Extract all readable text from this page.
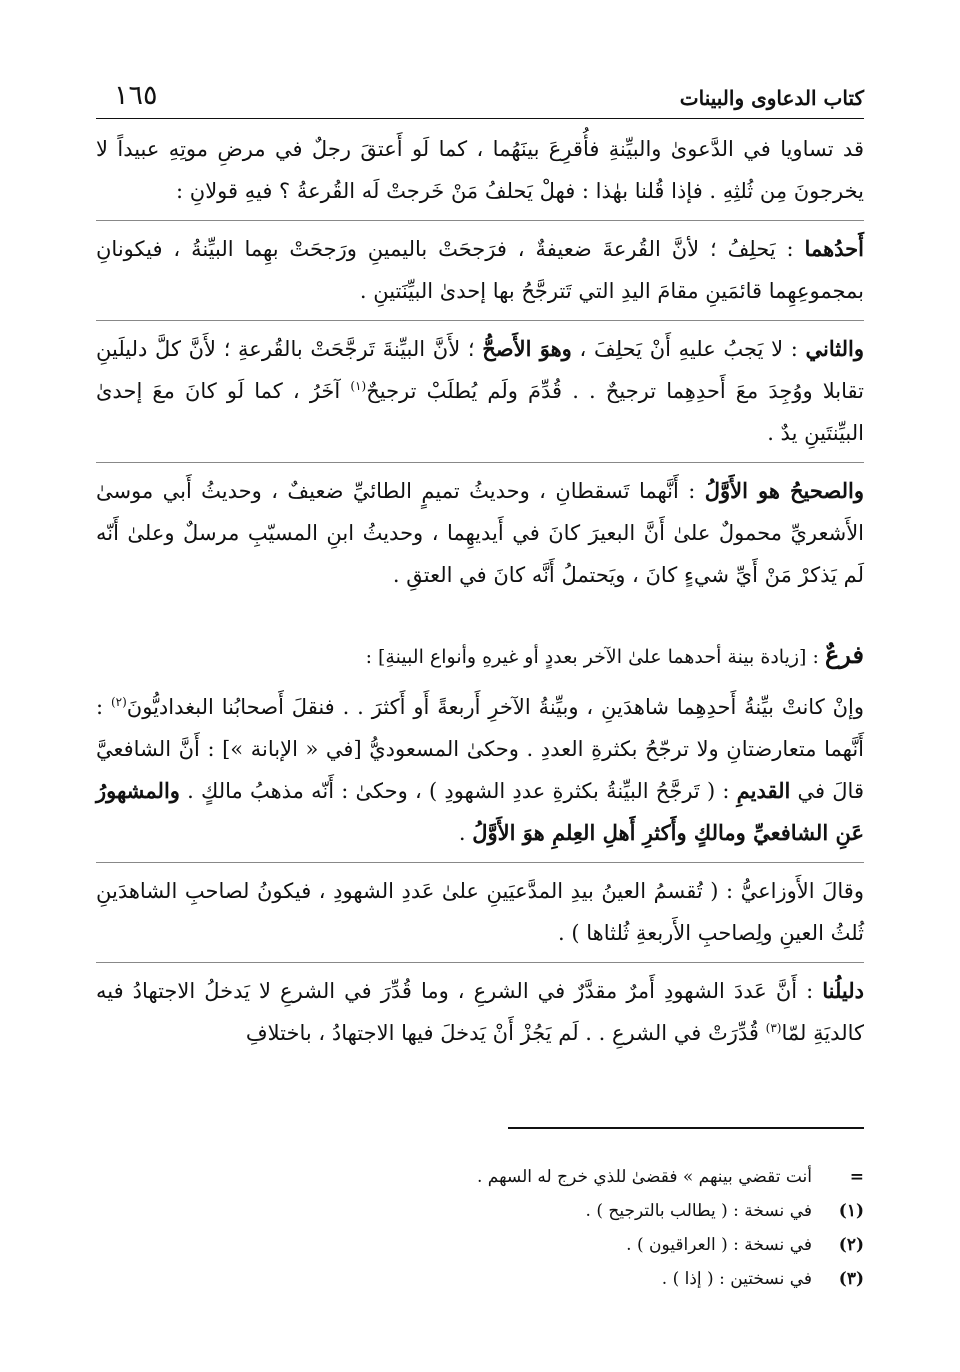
كتاب الدعاوى والبينات
١٦٥

قد تساويا في الدَّعوىٰ والبيِّنةِ فأُقرِعَ بينَهُما ، كما لَو أَعتقَ رجلٌ في مرضِ موتِهِ عبيداً لا يخرجونَ مِن ثُلثِهِ . فإذا قُلنا بهٰذا : فهلْ يَحلفُ مَنْ خَرجتْ لَه القُرعةُ ؟ فيهِ قولانِ :

أَحدُهما : يَحلِفُ ؛ لأنَّ القُرعةَ ضعيفةٌ ، فرَجحَتْ باليمينِ ورَجحَتْ بهِما البيِّنةُ ، فيكونانِ بمجموعِهِما قائمَينِ مقامَ اليدِ التي تَترجَّحُ بها إحدىٰ البيِّنَتينِ .

والثاني : لا يَجبُ عليهِ أَنْ يَحلِفَ ، وهوَ الأَصحُّ ؛ لأَنَّ البيِّنةَ تَرجَّحَتْ بالقُرعةِ ؛ لأَنَّ كلَّ دليلَينِ تقابلا ووُجِدَ معَ أَحدِهِما ترجيحٌ . . قُدِّمَ ولَم يُطلَبْ ترجيحٌ$^{(١)}$ آخَرُ ، كما لَو كانَ معَ إحدىٰ البيِّنتَينِ يدٌ .

والصحيحُ هو الأَوَّلُ : أَنَّهما تَسقطانِ ، وحديثُ تميمٍ الطائيِّ ضعيفٌ ، وحديثُ أَبي موسىٰ الأَشعريِّ محمولٌ علىٰ أَنَّ البعيرَ كانَ في أَيديهِما ، وحديثُ ابنِ المسيّبِ مرسلٌ وعلىٰ أَنّه لَم يَذكرْ مَنْ أَيِّ شيءٍ كانَ ، ويَحتملُ أَنَّه كانَ في العتقِ .

فرعٌ : [زيادة بينة أحدهما علىٰ الآخر بعددٍ أو غيرهِ وأنواع البينةِ] :

وإنْ كانتْ بيِّنةُ أَحدِهِما شاهدَينِ ، وبيِّنةُ الآخرِ أَربعةً أَو أَكثرَ . . فنقلَ أَصحابُنا البغداديُّونَ$^{(٢)}$ : أَنَّهما متعارضتانِ ولا ترجّحُ بكثرةِ العددِ . وحكىٰ المسعوديُّ [في « الإبانة »] : أَنَّ الشافعيَّ قالَ في القديمِ : ( تَرجَّحُ البيِّنةُ بكثرةِ عددِ الشهودِ ) ، وحكىٰ : أَنّه مذهبُ مالكٍ . والمشهورُ عَنِ الشافعيِّ ومالكٍ وأَكثرِ أَهلِ العِلمِ هوَ الأَوَّلُ .

وقالَ الأَوزاعيُّ : ( تُقسمُ العينُ بيدِ المدَّعيَينِ علىٰ عَددِ الشهودِ ، فيكونُ لصاحبِ الشاهدَينِ ثُلثُ العينِ ولِصاحبِ الأَربعةِ ثُلثاها ) .

دليلُنا : أَنَّ عَددَ الشهودِ أَمرٌ مقدَّرٌ في الشرعِ ، وما قُدِّرَ في الشرعِ لا يَدخلُ الاجتهادُ فيه كالديَةِ لمّا$^{(٣)}$ قُدِّرَتْ في الشرعِ . . لَم يَجُزْ أَنْ يَدخلَ فيها الاجتهادُ ، باختلافِ

=
أنت تقضي بينهم » فقضىٰ للذي خرج له السهم .
(١)
في نسخة : ( يطالب بالترجيح ) .
(٢)
في نسخة : ( العراقيون ) .
(٣)
في نسختين : ( إذا ) .
